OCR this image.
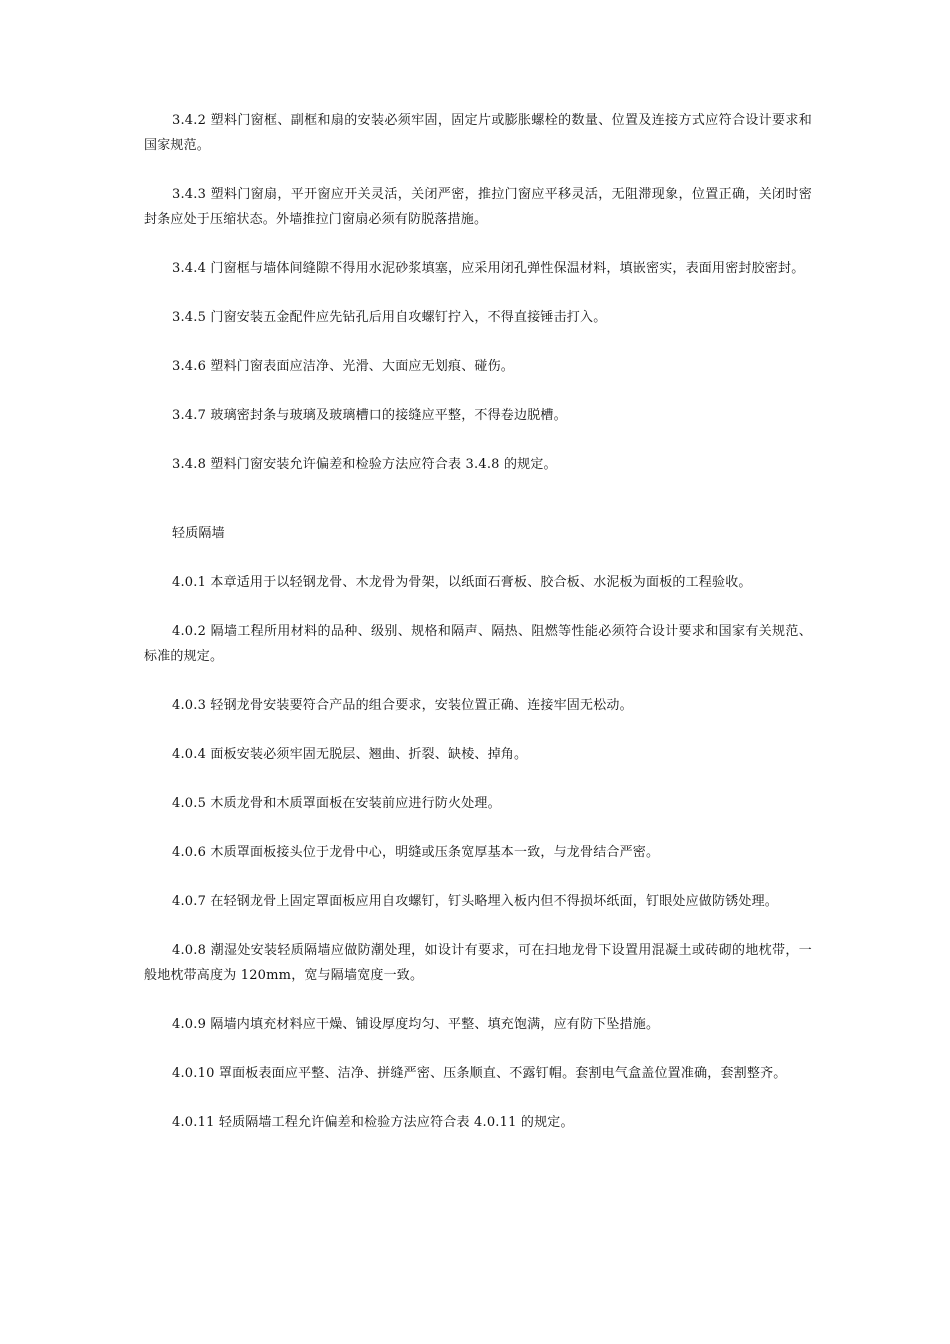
3.4.2 塑料门窗框、副框和扇的安装必须牢固，固定片或膨胀螺栓的数量、位置及连接方式应符合设计要求和国家规范。

3.4.3 塑料门窗扇，平开窗应开关灵活，关闭严密，推拉门窗应平移灵活，无阻滞现象，位置正确，关闭时密封条应处于压缩状态。外墙推拉门窗扇必须有防脱落措施。

3.4.4 门窗框与墙体间缝隙不得用水泥砂浆填塞，应采用闭孔弹性保温材料，填嵌密实，表面用密封胶密封。

3.4.5 门窗安装五金配件应先钻孔后用自攻螺钉拧入，不得直接锤击打入。

3.4.6 塑料门窗表面应洁净、光滑、大面应无划痕、碰伤。

3.4.7 玻璃密封条与玻璃及玻璃槽口的接缝应平整，不得卷边脱槽。

3.4.8 塑料门窗安装允许偏差和检验方法应符合表 3.4.8 的规定。

轻质隔墙

4.0.1 本章适用于以轻钢龙骨、木龙骨为骨架，以纸面石膏板、胶合板、水泥板为面板的工程验收。

4.0.2 隔墙工程所用材料的品种、级别、规格和隔声、隔热、阻燃等性能必须符合设计要求和国家有关规范、标准的规定。

4.0.3 轻钢龙骨安装要符合产品的组合要求，安装位置正确、连接牢固无松动。

4.0.4 面板安装必须牢固无脱层、翘曲、折裂、缺棱、掉角。

4.0.5 木质龙骨和木质罩面板在安装前应进行防火处理。

4.0.6 木质罩面板接头位于龙骨中心，明缝或压条宽厚基本一致，与龙骨结合严密。

4.0.7 在轻钢龙骨上固定罩面板应用自攻螺钉，钉头略埋入板内但不得损坏纸面，钉眼处应做防锈处理。

4.0.8 潮湿处安装轻质隔墙应做防潮处理，如设计有要求，可在扫地龙骨下设置用混凝土或砖砌的地枕带，一般地枕带高度为 120mm，宽与隔墙宽度一致。

4.0.9 隔墙内填充材料应干燥、铺设厚度均匀、平整、填充饱满，应有防下坠措施。

4.0.10 罩面板表面应平整、洁净、拼缝严密、压条顺直、不露钉帽。套割电气盒盖位置准确，套割整齐。

4.0.11 轻质隔墙工程允许偏差和检验方法应符合表 4.0.11 的规定。
